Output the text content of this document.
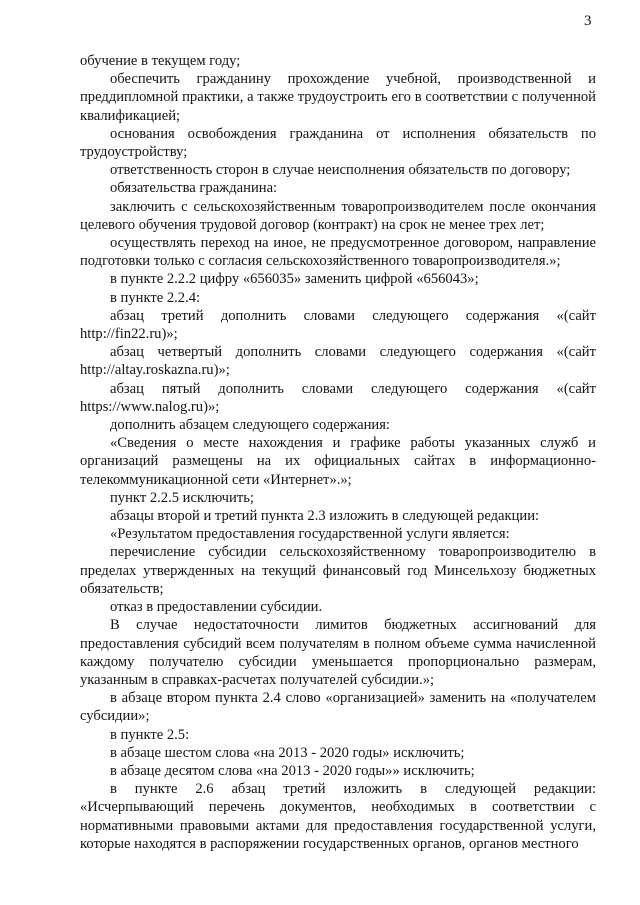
3

обучение в текущем году;

обеспечить гражданину прохождение учебной, производственной и преддипломной практики, а также трудоустроить его в соответствии с полученной квалификацией;

основания освобождения гражданина от исполнения обязательств по трудоустройству;

ответственность сторон в случае неисполнения обязательств по договору;

обязательства гражданина:

заключить с сельскохозяйственным товаропроизводителем после окончания целевого обучения трудовой договор (контракт) на срок не менее трех лет;

осуществлять переход на иное, не предусмотренное договором, направление подготовки только с согласия сельскохозяйственного товаропроизводителя.»;

в пункте 2.2.2 цифру «656035» заменить цифрой «656043»;

в пункте 2.2.4:

абзац третий дополнить словами следующего содержания «(сайт http://fin22.ru)»;

абзац четвертый дополнить словами следующего содержания «(сайт http://altay.roskazna.ru)»;

абзац пятый дополнить словами следующего содержания «(сайт https://www.nalog.ru)»;

дополнить абзацем следующего содержания:

«Сведения о месте нахождения и графике работы указанных служб и организаций размещены на их официальных сайтах в информационно-телекоммуникационной сети «Интернет».»;

пункт 2.2.5 исключить;

абзацы второй и третий пункта 2.3 изложить в следующей редакции:

«Результатом предоставления государственной услуги является:

перечисление субсидии сельскохозяйственному товаропроизводителю в пределах утвержденных на текущий финансовый год Минсельхозу бюджетных обязательств;

отказ в предоставлении субсидии.

В случае недостаточности лимитов бюджетных ассигнований для предоставления субсидий всем получателям в полном объеме сумма начисленной каждому получателю субсидии уменьшается пропорционально размерам, указанным в справках-расчетах получателей субсидии.»;

в абзаце втором пункта 2.4 слово «организацией» заменить на «получателем субсидии»;

в пункте 2.5:

в абзаце шестом слова «на 2013 - 2020 годы» исключить;

в абзаце десятом слова «на 2013 - 2020 годы»» исключить;

в пункте 2.6 абзац третий изложить в следующей редакции: «Исчерпывающий перечень документов, необходимых в соответствии с нормативными правовыми актами для предоставления государственной услуги, которые находятся в распоряжении государственных органов, органов местного
